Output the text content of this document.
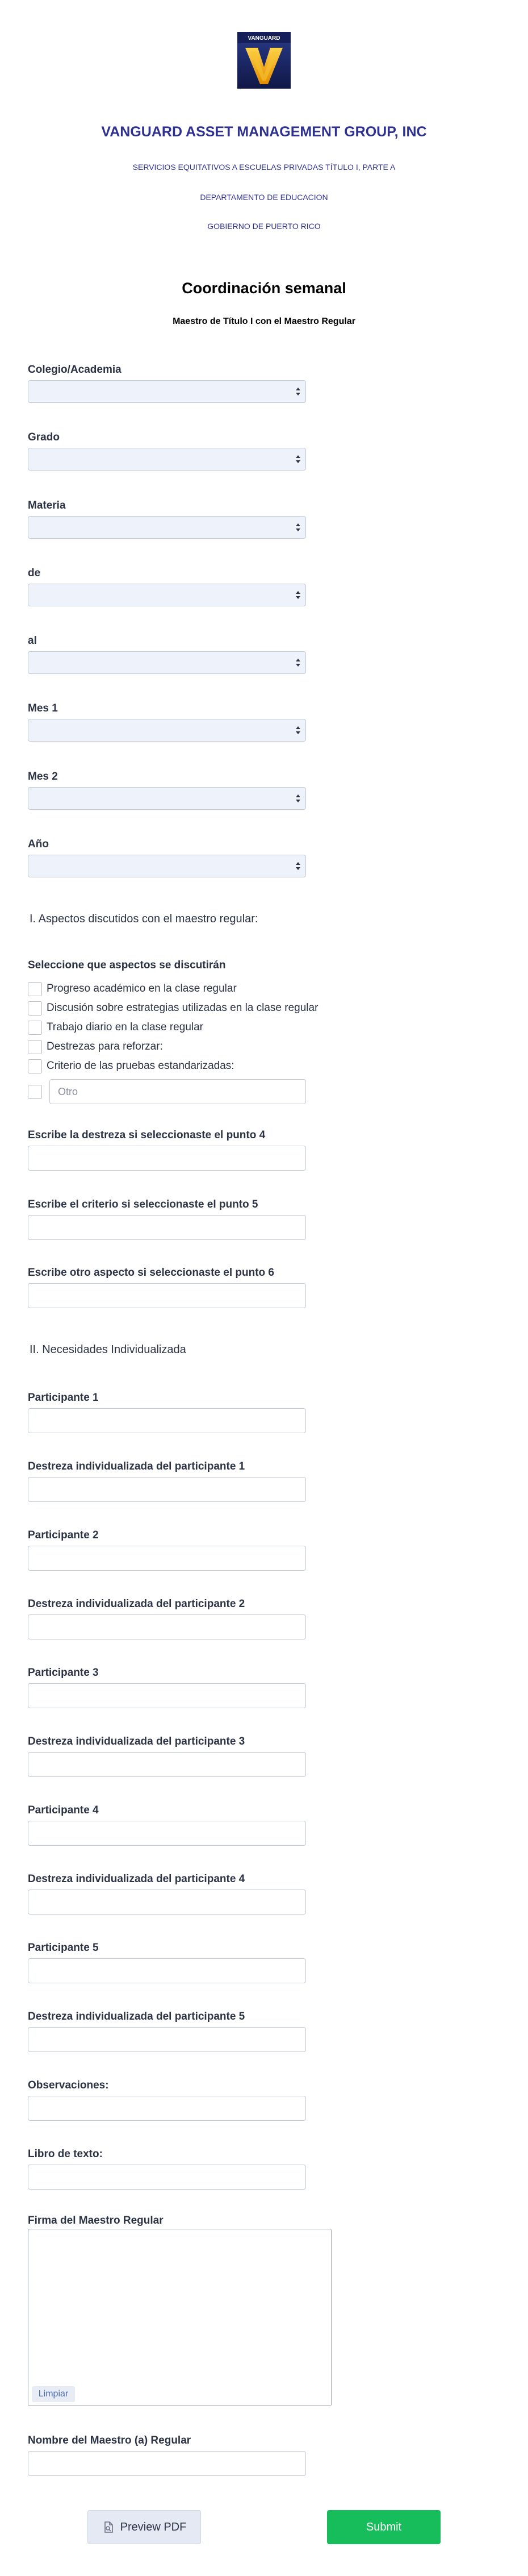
VANGUARD
VANGUARD ASSET MANAGEMENT GROUP, INC
SERVICIOS EQUITATIVOS A ESCUELAS PRIVADAS TÍTULO I, PARTE A
DEPARTAMENTO DE EDUCACION
GOBIERNO DE PUERTO RICO
Coordinación semanal
Maestro de Título I con el Maestro Regular
Colegio/Academia
Grado
Materia
de
al
Mes 1
Mes 2
Año
I. Aspectos discutidos con el maestro regular:
Seleccione que aspectos se discutirán
Progreso académico en la clase regular
Discusión sobre estrategias utilizadas en la clase regular
Trabajo diario en la clase regular
Destrezas para reforzar:
Criterio de las pruebas estandarizadas:
Otro
Escribe la destreza si seleccionaste el punto 4
Escribe el criterio si seleccionaste el punto 5
Escribe otro aspecto si seleccionaste el punto 6
II. Necesidades Individualizada
Participante 1
Destreza individualizada del participante 1
Participante 2
Destreza individualizada del participante 2
Participante 3
Destreza individualizada del participante 3
Participante 4
Destreza individualizada del participante 4
Participante 5
Destreza individualizada del participante 5
Observaciones:
Libro de texto:
Firma del Maestro Regular
Limpiar
Nombre del Maestro (a) Regular
Preview PDF	Submit
